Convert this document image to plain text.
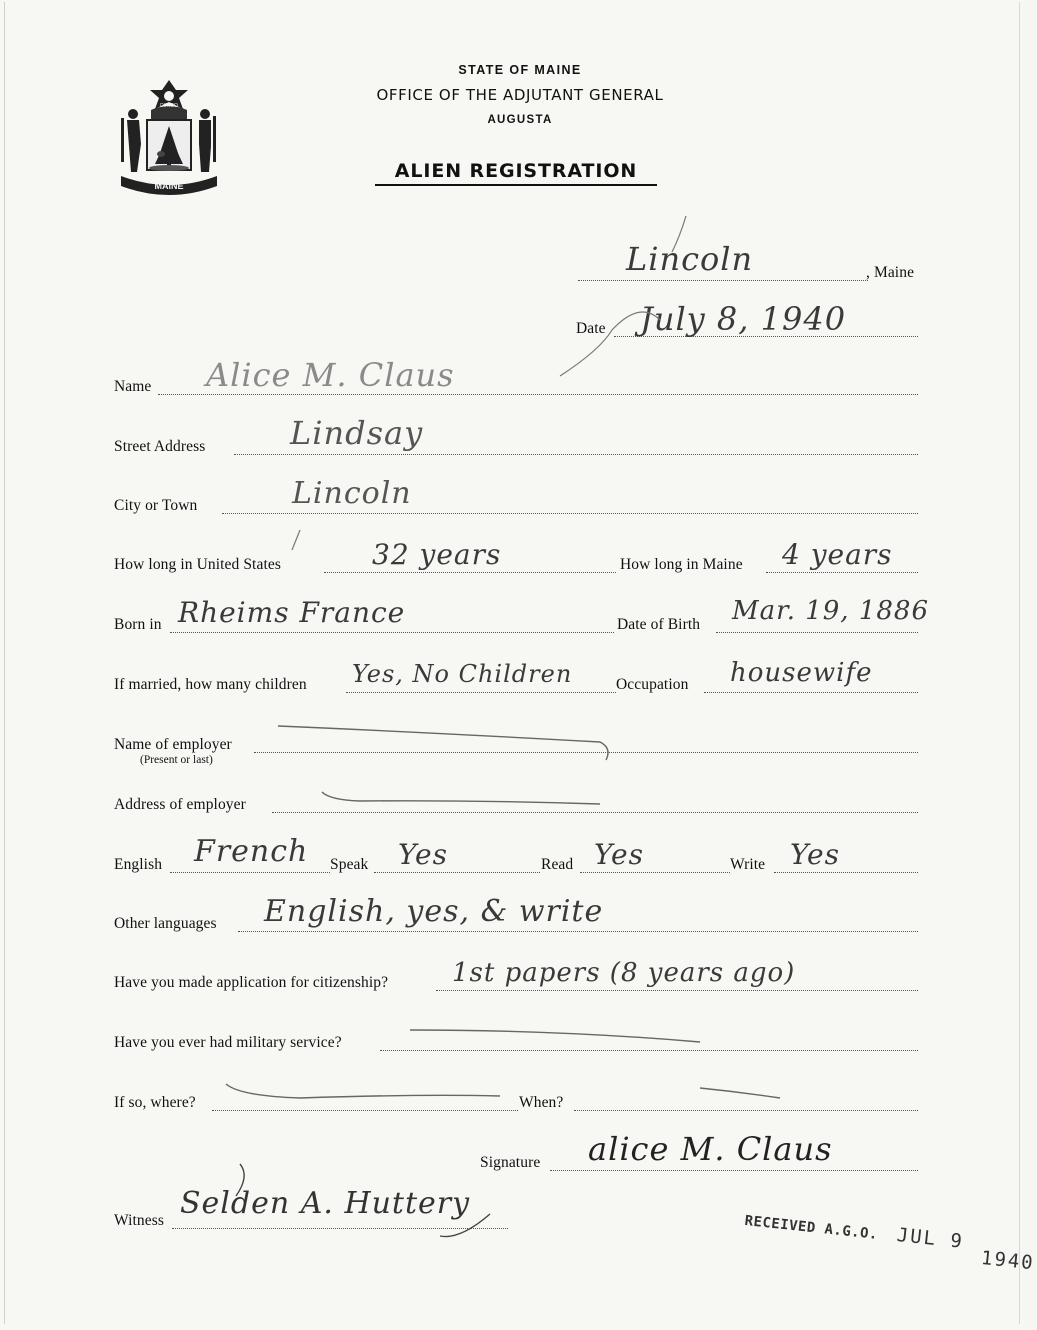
MAINE
DIRIGO
STATE OF MAINE
OFFICE OF THE ADJUTANT GENERAL
AUGUSTA
ALIEN REGISTRATION
, Maine
Lincoln
Date July 8, 1940
Name Alice M. Claus
Street Address	Lindsay
City or Town	Lincoln
How long in United States	32 years	How long in Maine 4 years
Born in Rheims France	Date of Birth Mar. 19, 1886
If married, how many children Yes, No Children	Occupation housewife
Name of employer
(Present or last)
Address of employer
English French Speak Yes	Read Yes	Write Yes
Other languages English, yes, & write
Have you made application for citizenship? 1st papers (8 years ago)
Have you ever had military service?
If so, where?	When?
Signature alice M. Claus
Witness Selden A. Huttery
RECEIVED A.G.O. JUL 9 1940
